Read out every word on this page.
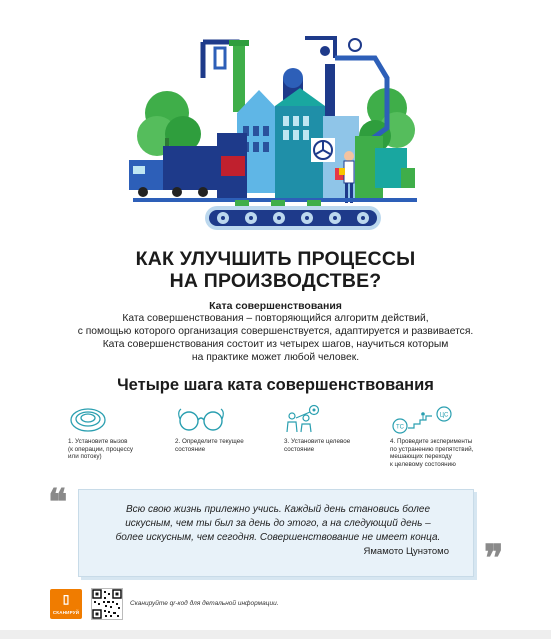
КАК УЛУЧШИТЬ ПРОЦЕССЫ
НА ПРОИЗВОДСТВЕ?
Ката совершенствования
Ката совершенствования – повторяющийся алгоритм действий,
с помощью которого организация совершенствуется, адаптируется и развивается.
Ката совершенствования состоит из четырех шагов, научиться которым
на практике может любой человек.
Четыре шага ката совершенствования
1. Установите вызов
(к операции, процессу
или потоку)
2. Определите текущее
состояние
3. Установите целевое
состояние
ТС
ЦС
4. Проведите эксперименты
по устранению препятствий,
мешающих переходу
к целевому состоянию
❝	Всю свою жизнь прилежно учись. Каждый день становись более
искусным, чем ты был за день до этого, а на следующий день –
более искусным, чем сегодня. Совершенствование не имеет конца.
Ямамото Цунэтомо ❞
▯
СКАНИРУЙ
Сканируйте qr-код для детальной информации.
